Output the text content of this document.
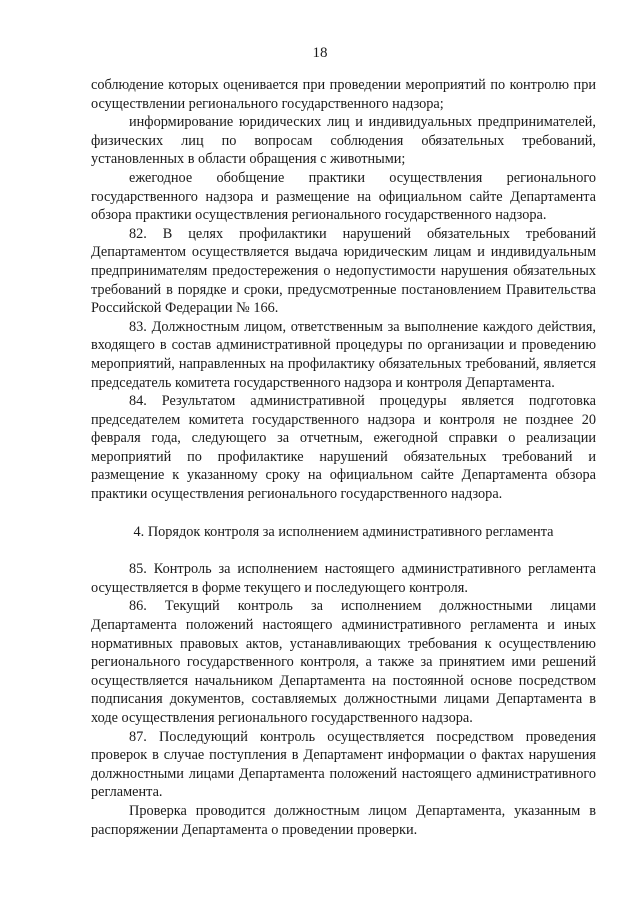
18

соблюдение которых оценивается при проведении мероприятий по контролю при осуществлении регионального государственного надзора;

информирование юридических лиц и индивидуальных предпринимателей, физических лиц по вопросам соблюдения обязательных требований, установленных в области обращения с животными;

ежегодное обобщение практики осуществления регионального государственного надзора и размещение на официальном сайте Департамента обзора практики осуществления регионального государственного надзора.

82. В целях профилактики нарушений обязательных требований Департаментом осуществляется выдача юридическим лицам и индивидуальным предпринимателям предостережения о недопустимости нарушения обязательных требований в порядке и сроки, предусмотренные постановлением Правительства Российской Федерации № 166.

83. Должностным лицом, ответственным за выполнение каждого действия, входящего в состав административной процедуры по организации и проведению мероприятий, направленных на профилактику обязательных требований, является председатель комитета государственного надзора и контроля Департамента.

84. Результатом административной процедуры является подготовка председателем комитета государственного надзора и контроля не позднее 20 февраля года, следующего за отчетным, ежегодной справки о реализации мероприятий по профилактике нарушений обязательных требований и размещение к указанному сроку на официальном сайте Департамента обзора практики осуществления регионального государственного надзора.

4. Порядок контроля за исполнением административного регламента

85. Контроль за исполнением настоящего административного регламента осуществляется в форме текущего и последующего контроля.

86. Текущий контроль за исполнением должностными лицами Департамента положений настоящего административного регламента и иных нормативных правовых актов, устанавливающих требования к осуществлению регионального государственного контроля, а также за принятием ими решений осуществляется начальником Департамента на постоянной основе посредством подписания документов, составляемых должностными лицами Департамента в ходе осуществления регионального государственного надзора.

87. Последующий контроль осуществляется посредством проведения проверок в случае поступления в Департамент информации о фактах нарушения должностными лицами Департамента положений настоящего административного регламента.

Проверка проводится должностным лицом Департамента, указанным в распоряжении Департамента о проведении проверки.
